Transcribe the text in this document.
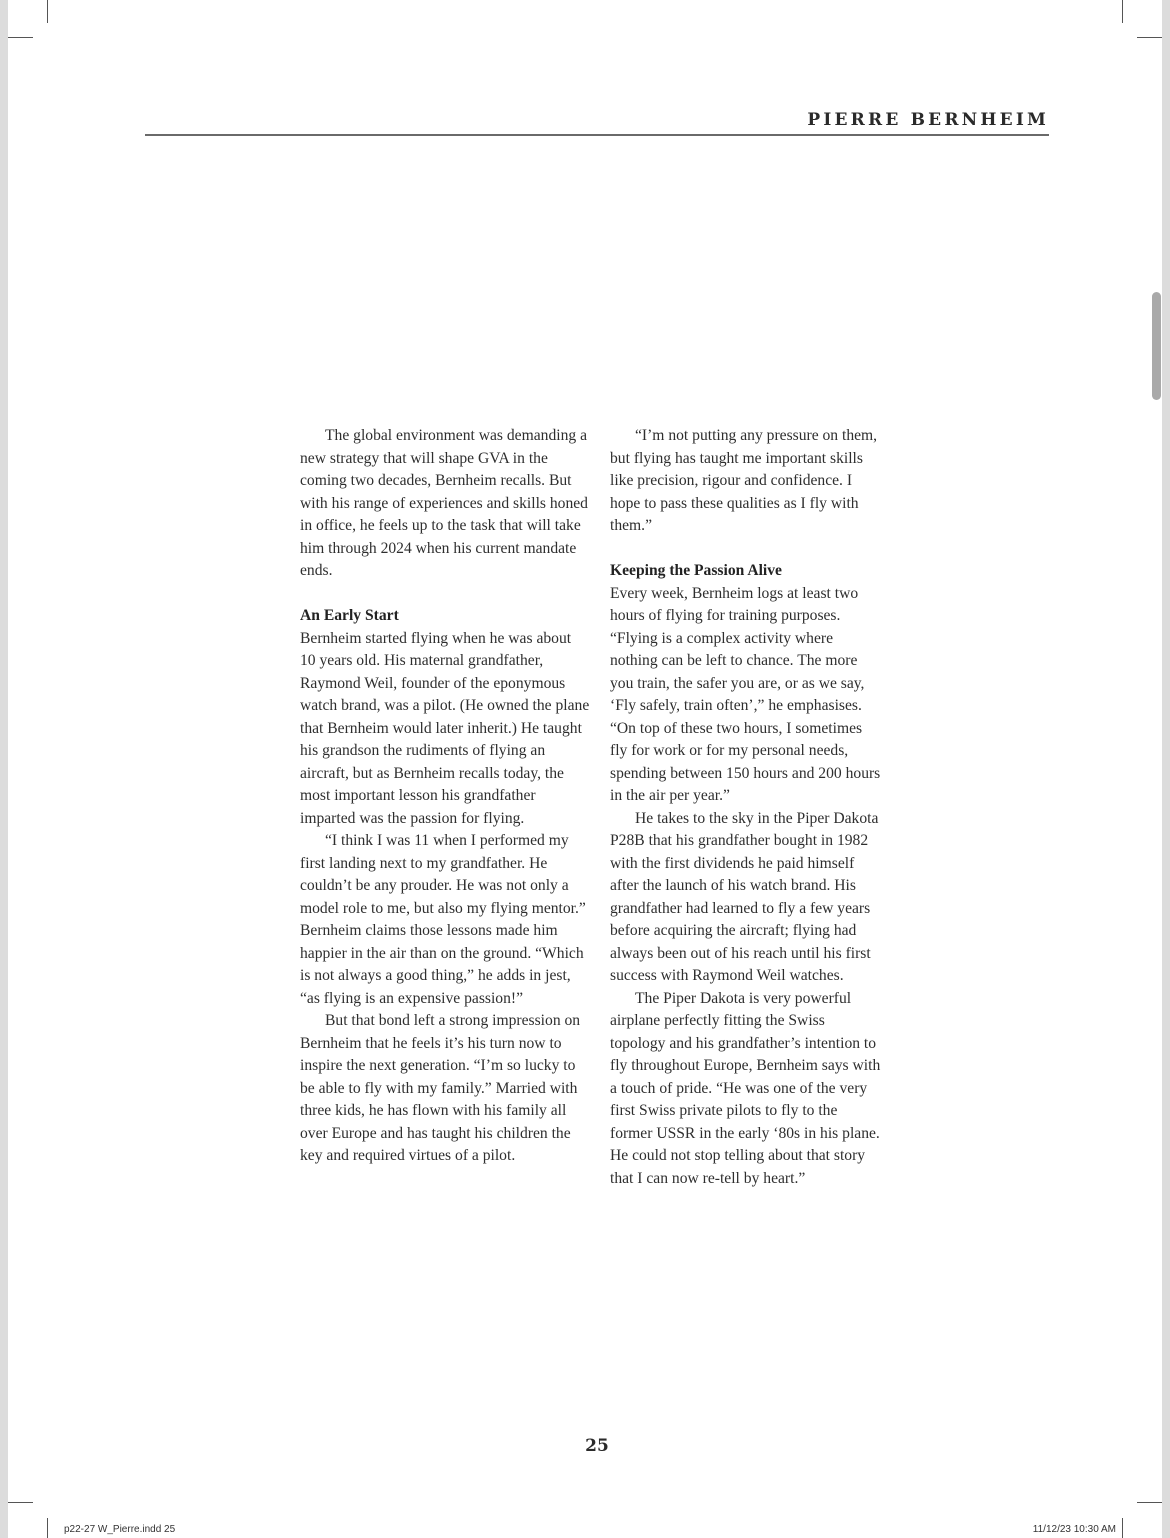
PIERRE BERNHEIM

The global environment was demanding a new strategy that will shape GVA in the coming two decades, Bernheim recalls. But with his range of experiences and skills honed in office, he feels up to the task that will take him through 2024 when his current mandate ends.

An Early Start

Bernheim started flying when he was about 10 years old. His maternal grandfather, Raymond Weil, founder of the eponymous watch brand, was a pilot. (He owned the plane that Bernheim would later inherit.) He taught his grandson the rudiments of flying an aircraft, but as Bernheim recalls today, the most important lesson his grandfather imparted was the passion for flying.

“I think I was 11 when I performed my first landing next to my grandfather. He couldn’t be any prouder. He was not only a model role to me, but also my flying mentor.” Bernheim claims those lessons made him happier in the air than on the ground. “Which is not always a good thing,” he adds in jest, “as flying is an expensive passion!”

But that bond left a strong impression on Bernheim that he feels it’s his turn now to inspire the next generation. “I’m so lucky to be able to fly with my family.” Married with three kids, he has flown with his family all over Europe and has taught his children the key and required virtues of a pilot.

“I’m not putting any pressure on them, but flying has taught me important skills like precision, rigour and confidence. I hope to pass these qualities as I fly with them.”

Keeping the Passion Alive

Every week, Bernheim logs at least two hours of flying for training purposes. “Flying is a complex activity where nothing can be left to chance. The more you train, the safer you are, or as we say, ‘Fly safely, train often’,” he emphasises. “On top of these two hours, I sometimes fly for work or for my personal needs, spending between 150 hours and 200 hours in the air per year.”

He takes to the sky in the Piper Dakota P28B that his grandfather bought in 1982 with the first dividends he paid himself after the launch of his watch brand. His grandfather had learned to fly a few years before acquiring the aircraft; flying had always been out of his reach until his first success with Raymond Weil watches.

The Piper Dakota is very powerful airplane perfectly fitting the Swiss topology and his grandfather’s intention to fly throughout Europe, Bernheim says with a touch of pride. “He was one of the very first Swiss private pilots to fly to the former USSR in the early ‘80s in his plane. He could not stop telling about that story that I can now re-tell by heart.”

25
p22-27 W_Pierre.indd 25	11/12/23 10:30 AM
